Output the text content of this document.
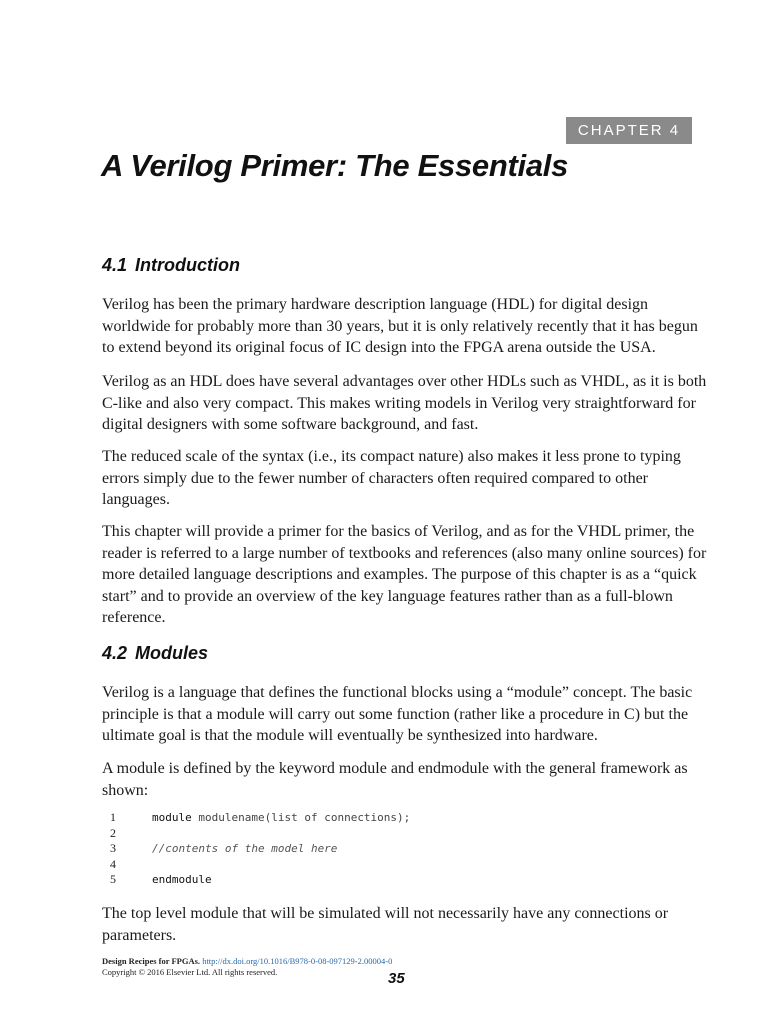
CHAPTER 4
A Verilog Primer: The Essentials
4.1 Introduction

Verilog has been the primary hardware description language (HDL) for digital design
worldwide for probably more than 30 years, but it is only relatively recently that it has begun
to extend beyond its original focus of IC design into the FPGA arena outside the USA.

Verilog as an HDL does have several advantages over other HDLs such as VHDL, as it is both
C-like and also very compact. This makes writing models in Verilog very straightforward for
digital designers with some software background, and fast.

The reduced scale of the syntax (i.e., its compact nature) also makes it less prone to typing
errors simply due to the fewer number of characters often required compared to other
languages.

This chapter will provide a primer for the basics of Verilog, and as for the VHDL primer, the
reader is referred to a large number of textbooks and references (also many online sources) for
more detailed language descriptions and examples. The purpose of this chapter is as a “quick
start” and to provide an overview of the key language features rather than as a full-blown
reference.

4.2 Modules

Verilog is a language that defines the functional blocks using a “module” concept. The basic
principle is that a module will carry out some function (rather like a procedure in C) but the
ultimate goal is that the module will eventually be synthesized into hardware.

A module is defined by the keyword module and endmodule with the general framework as
shown:

1	module modulename(list of connections);
2
3	//contents of the model here
4
5	endmodule

The top level module that will be simulated will not necessarily have any connections or
parameters.

Design Recipes for FPGAs. http://dx.doi.org/10.1016/B978-0-08-097129-2.00004-0
Copyright © 2016 Elsevier Ltd. All rights reserved.	35
